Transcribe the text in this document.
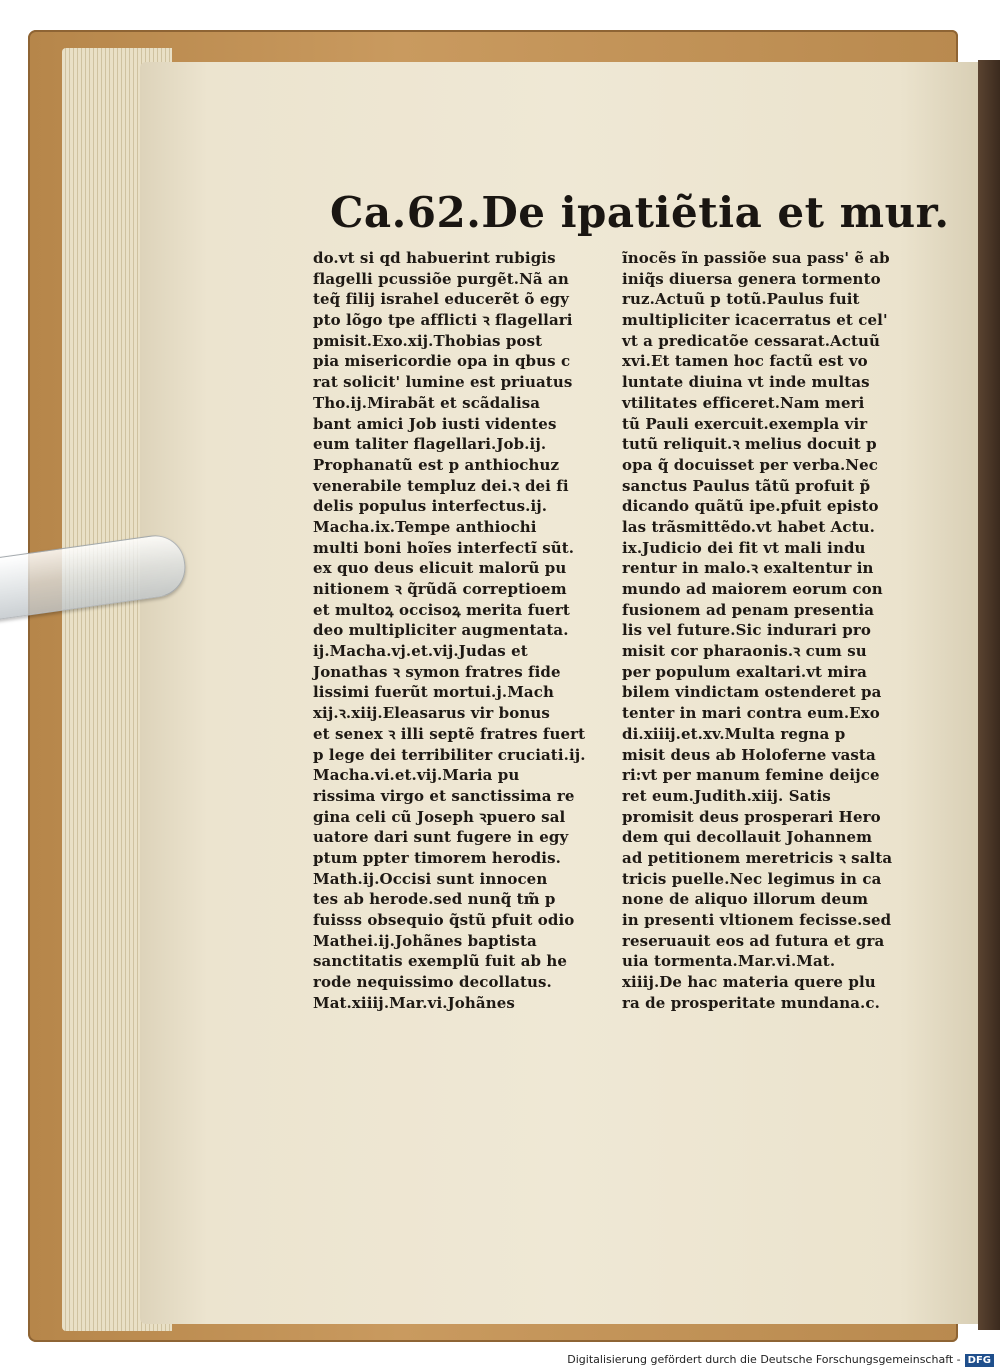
Ca.62.De ipatiẽtia et mur.
do.vt si qd habuerint rubigis
flagelli pcussiõe purgẽt.Nã an
teq̃ filij israhel educerẽt õ egy
pto lõgo tpe afflicti ꝛ flagellari
pmisit.Exo.xij.Thobias post
pia misericordie opa in qbus c
rat solicit' lumine est priuatus
Tho.ij.Mirabãt et scãdalisa
bant amici Job iusti videntes
eum taliter flagellari.Job.ij.
Prophanatũ est p anthiochuz
venerabile templuz dei.ꝛ dei fi
delis populus interfectus.ij.
Macha.ix.Tempe anthiochi
multi boni hoĩes interfectĩ sũt.
ex quo deus elicuit malorũ pu
nitionem ꝛ q̃rũdã correptioem
et multoꝝ occisoꝝ merita fuert
deo multipliciter augmentata.
ij.Macha.vj.et.vij.Judas et
Jonathas ꝛ symon fratres fide
lissimi fuerũt mortui.j.Mach
xij.ꝛ.xiij.Eleasarus vir bonus
et senex ꝛ illi septẽ fratres fuert
p lege dei terribiliter cruciati.ij.
Macha.vi.et.vij.Maria pu
rissima virgo et sanctissima re
gina celi cũ Joseph ꝛpuero sal
uatore dari sunt fugere in egy
ptum ppter timorem herodis.
Math.ij.Occisi sunt innocen
tes ab herode.sed nunq̃ tm̃ p
fuisss obsequio q̃stũ pfuit odio
Mathei.ij.Johãnes baptista
sanctitatis exemplũ fuit ab he
rode nequissimo decollatus.
Mat.xiiij.Mar.vi.Johãnes
ĩnocẽs ĩn passiõe sua pass' ẽ ab
iniq̃s diuersa genera tormento
ruz.Actuũ p totũ.Paulus fuit
multipliciter icacerratus et cel'
vt a predicatõe cessarat.Actuũ
xvi.Et tamen hoc factũ est vo
luntate diuina vt inde multas
vtilitates efficeret.Nam meri
tũ Pauli exercuit.exempla vir
tutũ reliquit.ꝛ melius docuit p
opa q̃ docuisset per verba.Nec
sanctus Paulus tãtũ profuit p̃
dicando quãtũ ipe.pfuit episto
las trãsmittẽdo.vt habet Actu.
ix.Judicio dei fit vt mali indu
rentur in malo.ꝛ exaltentur in
mundo ad maiorem eorum con
fusionem ad penam presentia
lis vel future.Sic indurari pro
misit cor pharaonis.ꝛ cum su
per populum exaltari.vt mira
bilem vindictam ostenderet pa
tenter in mari contra eum.Exo
di.xiiij.et.xv.Multa regna p
misit deus ab Holoferne vasta
ri:vt per manum femine deijce
ret eum.Judith.xiij. Satis
promisit deus prosperari Hero
dem qui decollauit Johannem
ad petitionem meretricis ꝛ salta
tricis puelle.Nec legimus in ca
none de aliquo illorum deum
in presenti vltionem fecisse.sed
reseruauit eos ad futura et gra
uia tormenta.Mar.vi.Mat.
xiiij.De hac materia quere plu
ra de prosperitate mundana.c.
Digitalisierung gefördert durch die Deutsche Forschungsgemeinschaft - DFG
